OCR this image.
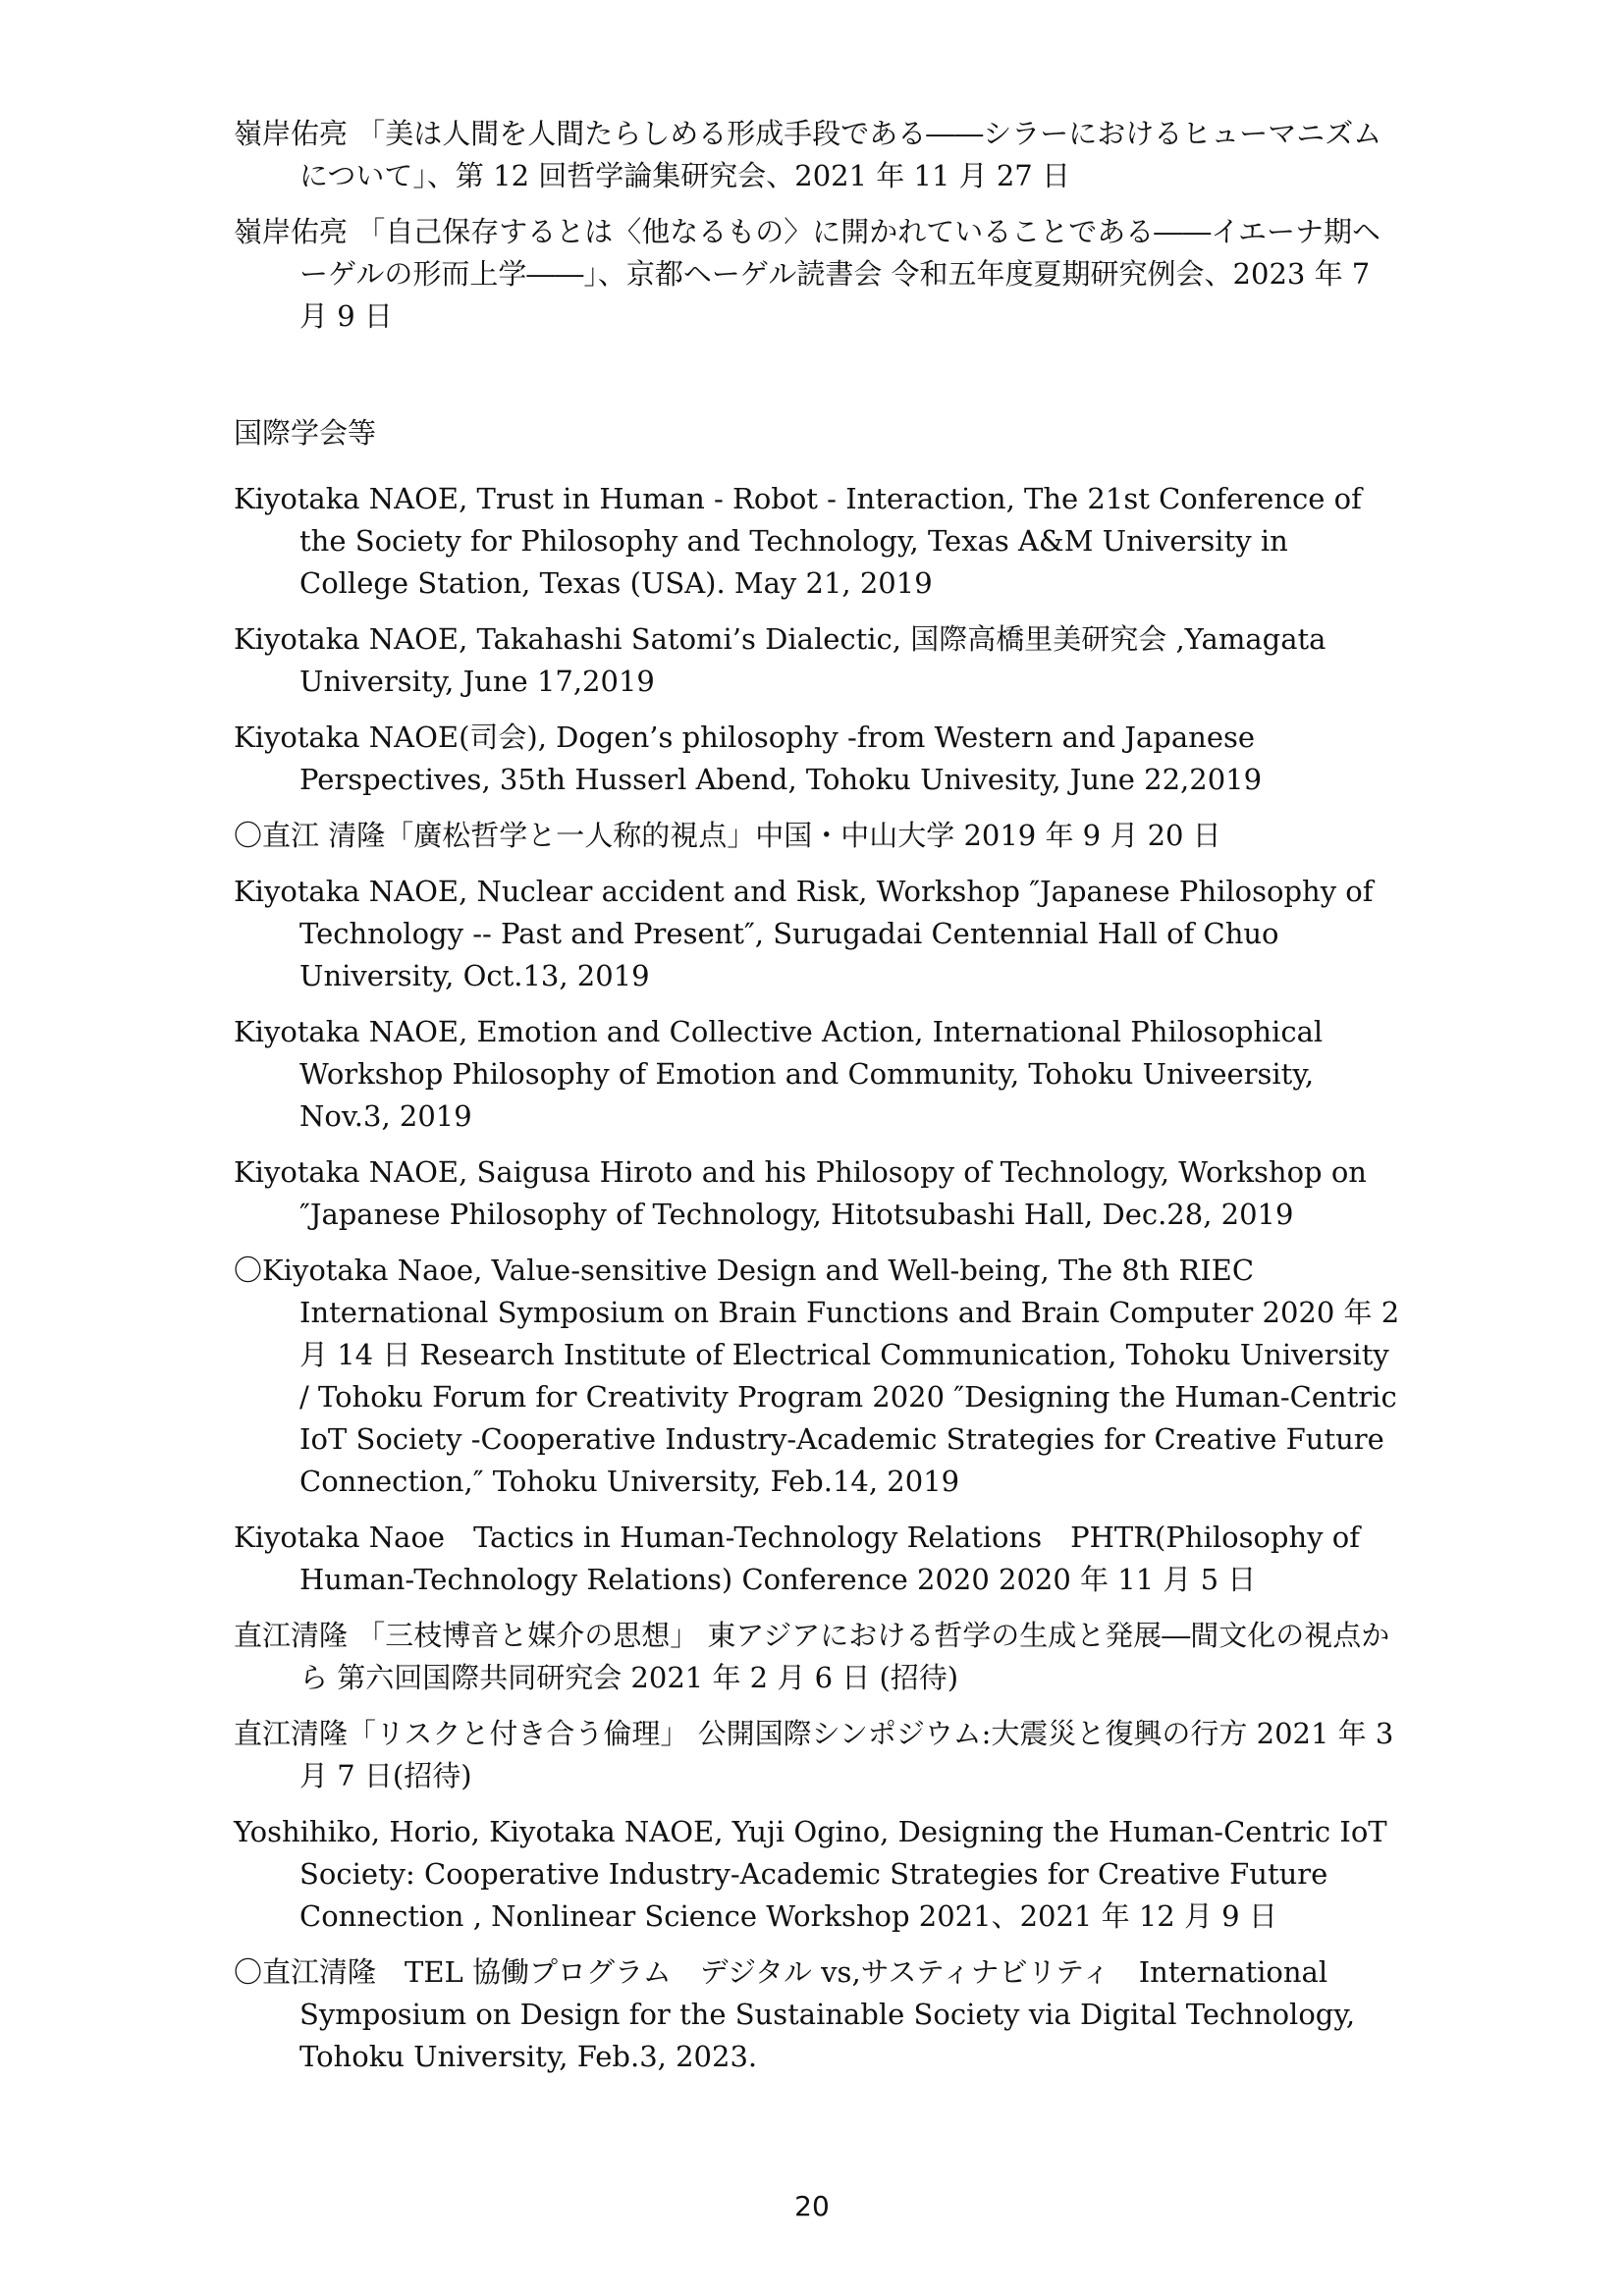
嶺岸佑亮 「美は人間を人間たらしめる形成手段である――シラーにおけるヒューマニズムについて」、第 12 回哲学論集研究会、2021 年 11 月 27 日

嶺岸佑亮 「自己保存するとは〈他なるもの〉に開かれていることである――イエーナ期ヘーゲルの形而上学――」、京都ヘーゲル読書会 令和五年度夏期研究例会、2023 年 7 月 9 日

国際学会等

Kiyotaka NAOE, Trust in Human - Robot - Interaction, The 21st Conference of the Society for Philosophy and Technology, Texas A&M University in College Station, Texas (USA). May 21, 2019

Kiyotaka NAOE, Takahashi Satomi’s Dialectic, 国際高橋里美研究会 ,Yamagata University, June 17,2019

Kiyotaka NAOE(司会), Dogen’s philosophy -from Western and Japanese Perspectives, 35th Husserl Abend, Tohoku Univesity, June 22,2019

〇直江 清隆「廣松哲学と一人称的視点」中国・中山大学 2019 年 9 月 20 日

Kiyotaka NAOE, Nuclear accident and Risk, Workshop ″Japanese Philosophy of Technology -- Past and Present″, Surugadai Centennial Hall of Chuo University, Oct.13, 2019

Kiyotaka NAOE, Emotion and Collective Action, International Philosophical Workshop Philosophy of Emotion and Community, Tohoku Univeersity, Nov.3, 2019

Kiyotaka NAOE, Saigusa Hiroto and his Philosopy of Technology, Workshop on ″Japanese Philosophy of Technology, Hitotsubashi Hall, Dec.28, 2019

〇Kiyotaka Naoe, Value-sensitive Design and Well-being, The 8th RIEC International Symposium on Brain Functions and Brain Computer 2020 年 2 月 14 日 Research Institute of Electrical Communication, Tohoku University / Tohoku Forum for Creativity Program 2020 ″Designing the Human-Centric IoT Society -Cooperative Industry-Academic Strategies for Creative Future Connection,″ Tohoku University, Feb.14, 2019

Kiyotaka Naoe　Tactics in Human-Technology Relations　PHTR(Philosophy of Human-Technology Relations) Conference 2020 2020 年 11 月 5 日

直江清隆 「三枝博音と媒介の思想」 東アジアにおける哲学の生成と発展―間文化の視点から 第六回国際共同研究会 2021 年 2 月 6 日 (招待)

直江清隆「リスクと付き合う倫理」 公開国際シンポジウム:大震災と復興の行方 2021 年 3 月 7 日(招待)

Yoshihiko, Horio, Kiyotaka NAOE, Yuji Ogino, Designing the Human-Centric IoT Society: Cooperative Industry-Academic Strategies for Creative Future Connection , Nonlinear Science Workshop 2021、2021 年 12 月 9 日

〇直江清隆　TEL 協働プログラム　デジタル vs,サスティナビリティ　International Symposium on Design for the Sustainable Society via Digital Technology, Tohoku University, Feb.3, 2023.

20
